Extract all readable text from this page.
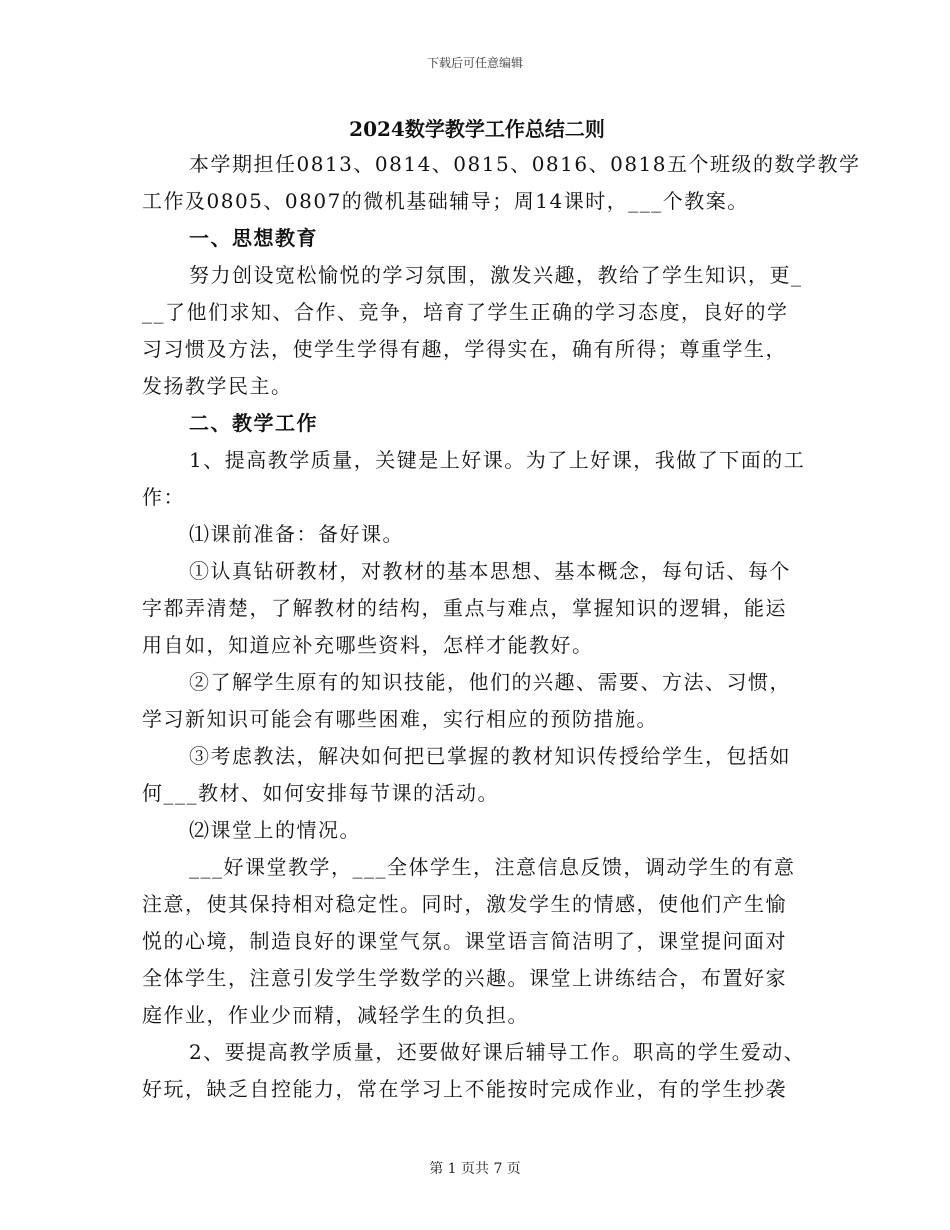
下载后可任意编辑
2024数学教学工作总结二则
本学期担任0813、0814、0815、0816、0818五个班级的数学教学
工作及0805、0807的微机基础辅导；周14课时，___个教案。
一、思想教育
努力创设宽松愉悦的学习氛围，激发兴趣，教给了学生知识，更_
__了他们求知、合作、竞争，培育了学生正确的学习态度，良好的学
习习惯及方法，使学生学得有趣，学得实在，确有所得；尊重学生，
发扬教学民主。
二、教学工作
1、提高教学质量，关键是上好课。为了上好课，我做了下面的工
作：
⑴课前准备：备好课。
①认真钻研教材，对教材的基本思想、基本概念，每句话、每个
字都弄清楚，了解教材的结构，重点与难点，掌握知识的逻辑，能运
用自如，知道应补充哪些资料，怎样才能教好。
②了解学生原有的知识技能，他们的兴趣、需要、方法、习惯，
学习新知识可能会有哪些困难，实行相应的预防措施。
③考虑教法，解决如何把已掌握的教材知识传授给学生，包括如
何___教材、如何安排每节课的活动。
⑵课堂上的情况。
___好课堂教学，___全体学生，注意信息反馈，调动学生的有意
注意，使其保持相对稳定性。同时，激发学生的情感，使他们产生愉
悦的心境，制造良好的课堂气氛。课堂语言简洁明了，课堂提问面对
全体学生，注意引发学生学数学的兴趣。课堂上讲练结合，布置好家
庭作业，作业少而精，减轻学生的负担。
2、要提高教学质量，还要做好课后辅导工作。职高的学生爱动、
好玩，缺乏自控能力，常在学习上不能按时完成作业，有的学生抄袭
第 1 页共 7 页
